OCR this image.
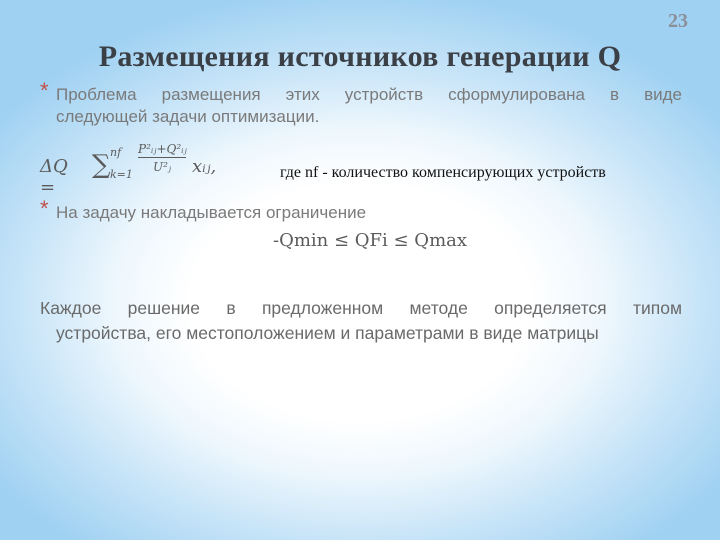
23
Размещения источников генерации Q
* Проблема размещения этих устройств сформулирована в виде
следующей задачи оптимизации.
ΔQ =
∑ nf
k=1
$\frac{\text{P²ᵢⱼ+Q²ᵢⱼ}}{\text{U²ⱼ}}$ xᵢⱼ,	где nf - количество компенсирующих устройств
* На задачу накладывается ограничение
-Qmin ≤ QFi ≤ Qmax
Каждое решение в предложенном методе определяется типом
устройства, его местоположением и параметрами в виде матрицы
